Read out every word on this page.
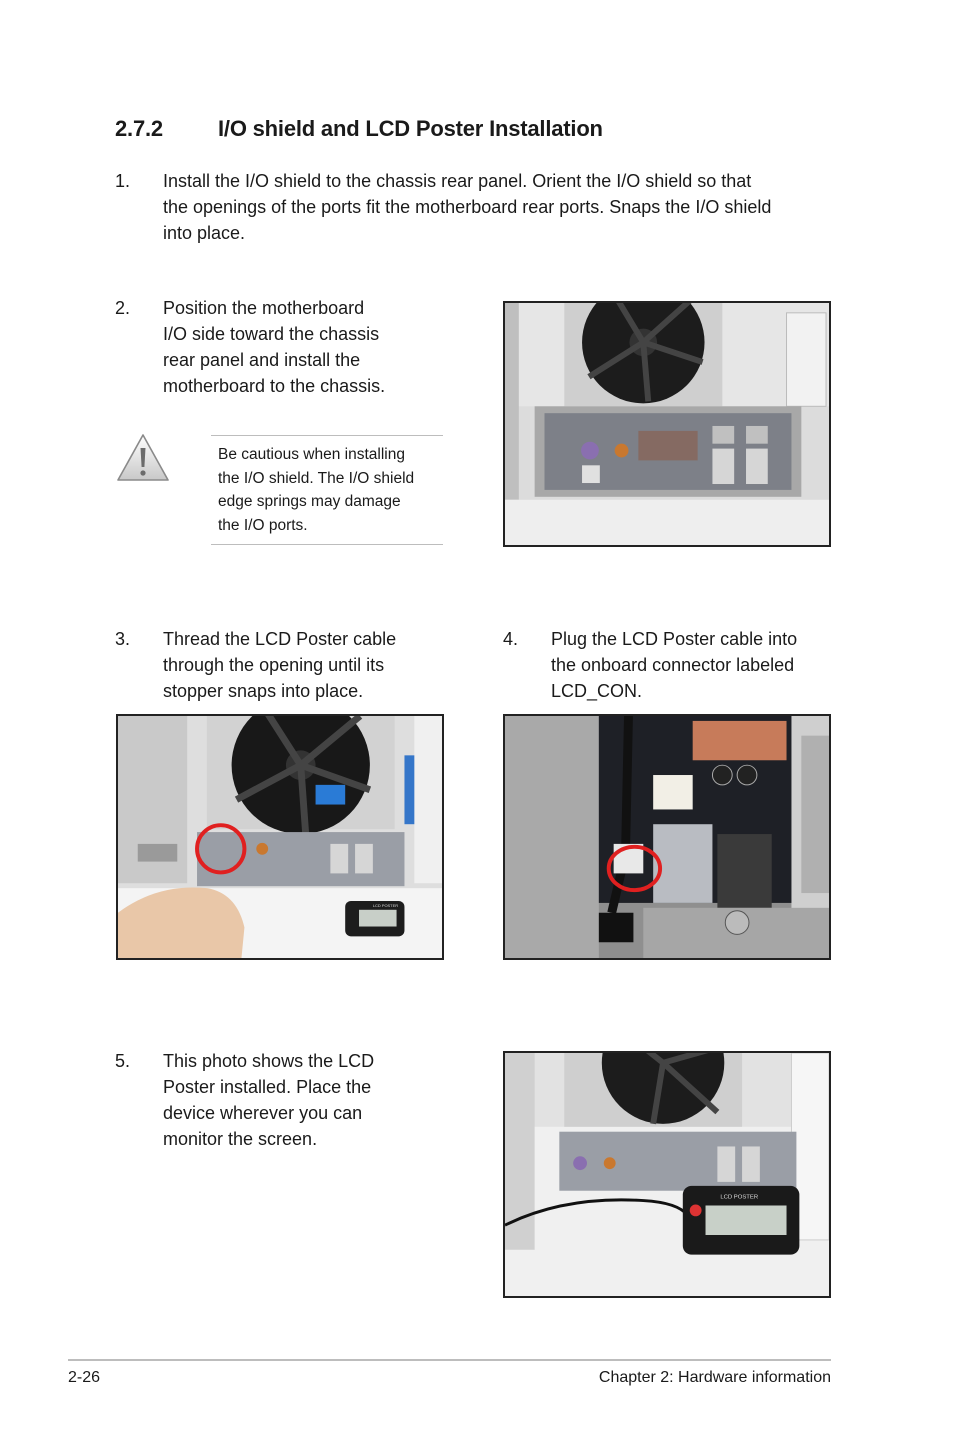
2.7.2	I/O shield and LCD Poster Installation
1. Install the I/O shield to the chassis rear panel. Orient the I/O shield so that
the openings of the ports fit the motherboard rear ports. Snaps the I/O shield
into place.
2. Position the motherboard
I/O side toward the chassis
rear panel and install the
motherboard to the chassis.
Be cautious when installing
the I/O shield. The I/O shield
edge springs may damage
the I/O ports.
3. Thread the LCD Poster cable
through the opening until its
stopper snaps into place.
4. Plug the LCD Poster cable into
the onboard connector labeled
LCD_CON.
LCD POSTER
5. This photo shows the LCD
Poster installed. Place the
device wherever you can
monitor the screen.
LCD POSTER
2-26	Chapter 2: Hardware information
